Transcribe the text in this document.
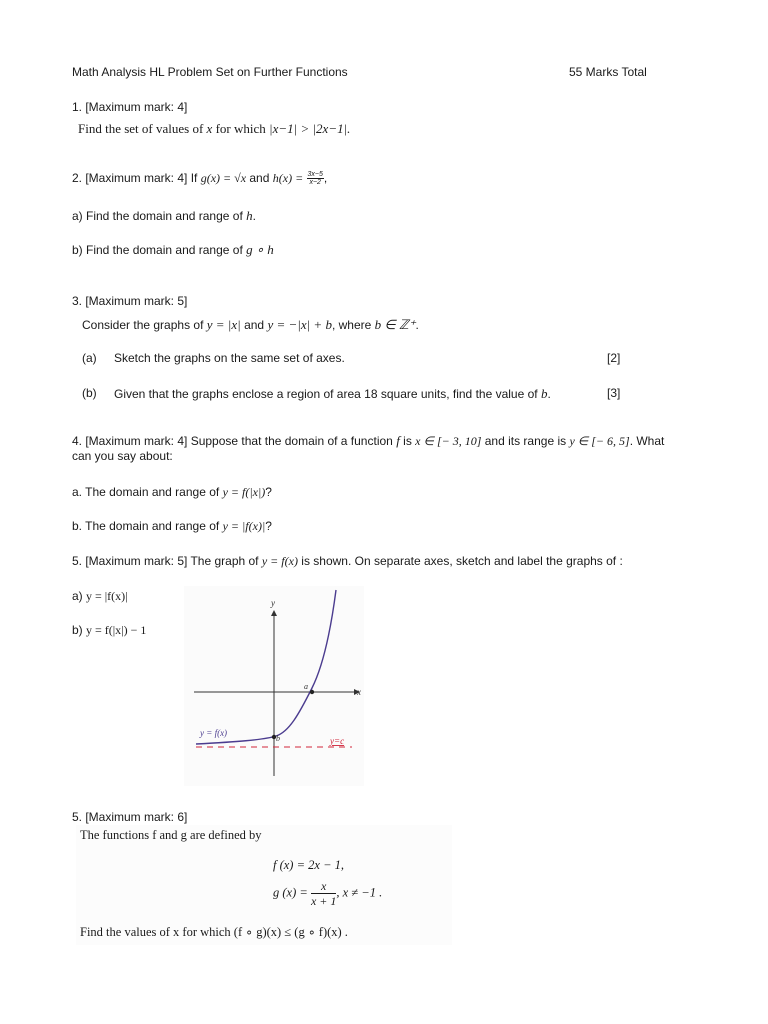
Math Analysis HL Problem Set on Further Functions	55 Marks Total
1. [Maximum mark: 4]
Find the set of values of x for which |x−1| > |2x−1|.
2. [Maximum mark: 4] If g(x) = √x and $h(x) = \frac{3x-5}{x-2}$ ,
a) Find the domain and range of h.
b) Find the domain and range of g ∘ h
3. [Maximum mark: 5]
Consider the graphs of y = |x| and y = −|x| + b, where b ∈ ℤ⁺.
(a) Sketch the graphs on the same set of axes.	[2]
(b) Given that the graphs enclose a region of area 18 square units, find the value of b.	[3]
4. [Maximum mark: 4] Suppose that the domain of a function f is x ∈ [− 3, 10] and its range is y ∈ [− 6, 5]. What
can you say about:
a. The domain and range of y = f(|x|)?
b. The domain and range of y = |f(x)|?
5. [Maximum mark: 5] The graph of y = f(x) is shown. On separate axes, sketch and label the graphs of :
a) y = |f(x)|
b) y = f(|x|) − 1
y
x
y=c
a
b
y = f(x)
5. [Maximum mark: 6]
The functions f and g are defined by
f (x) = 2x − 1,
g $(x) = \frac{x}{x + 1}$ , x ≠ −1 .
Find the values of x for which (f ∘ g)(x) ≤ (g ∘ f)(x) .
